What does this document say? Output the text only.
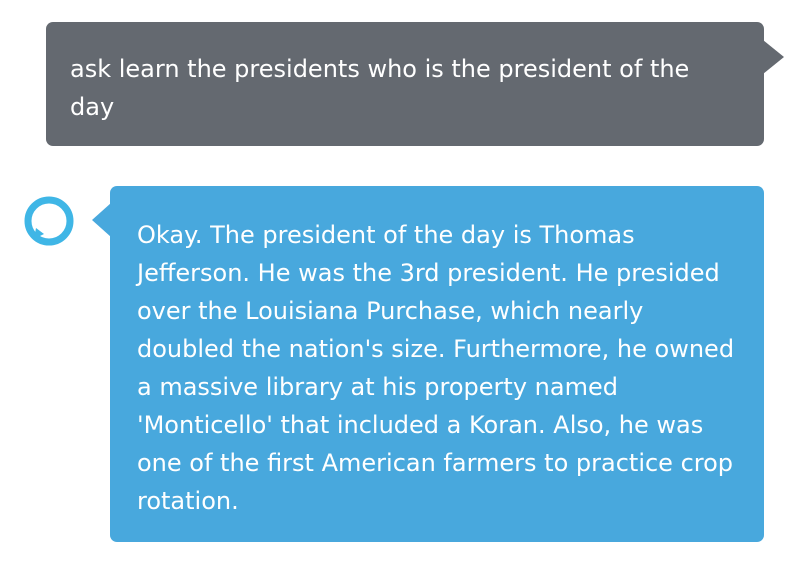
ask learn the presidents who is the president of the day
Okay. The president of the day is Thomas Jefferson. He was the 3rd president. He presided over the Louisiana Purchase, which nearly doubled the nation's size. Furthermore, he owned a massive library at his property named 'Monticello' that included a Koran. Also, he was one of the first American farmers to practice crop rotation.
